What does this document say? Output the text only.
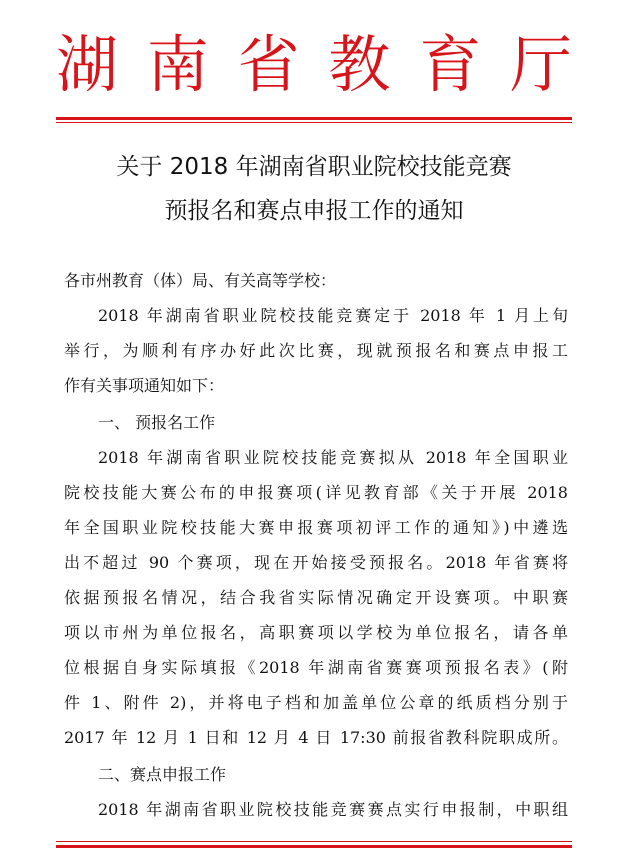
湖 南 省 教 育 厅
关于 2018 年湖南省职业院校技能竞赛
预报名和赛点申报工作的通知
各市州教育（体）局、有关高等学校：
2018 年湖南省职业院校技能竞赛定于 2018 年 1 月上旬
举行，为顺利有序办好此次比赛，现就预报名和赛点申报工
作有关事项通知如下：
一、 预报名工作
2018 年湖南省职业院校技能竞赛拟从 2018 年全国职业
院校技能大赛公布的申报赛项(详见教育部《关于开展 2018
年全国职业院校技能大赛申报赛项初评工作的通知》)中遴选
出不超过 90 个赛项，现在开始接受预报名。2018 年省赛将
依据预报名情况，结合我省实际情况确定开设赛项。中职赛
项以市州为单位报名，高职赛项以学校为单位报名，请各单
位根据自身实际填报《2018 年湖南省赛赛项预报名表》(附
件 1、附件 2)，并将电子档和加盖单位公章的纸质档分别于
2017 年 12 月 1 日和 12 月 4 日 17:30 前报省教科院职成所。
二、赛点申报工作
2018 年湖南省职业院校技能竞赛赛点实行申报制，中职组
